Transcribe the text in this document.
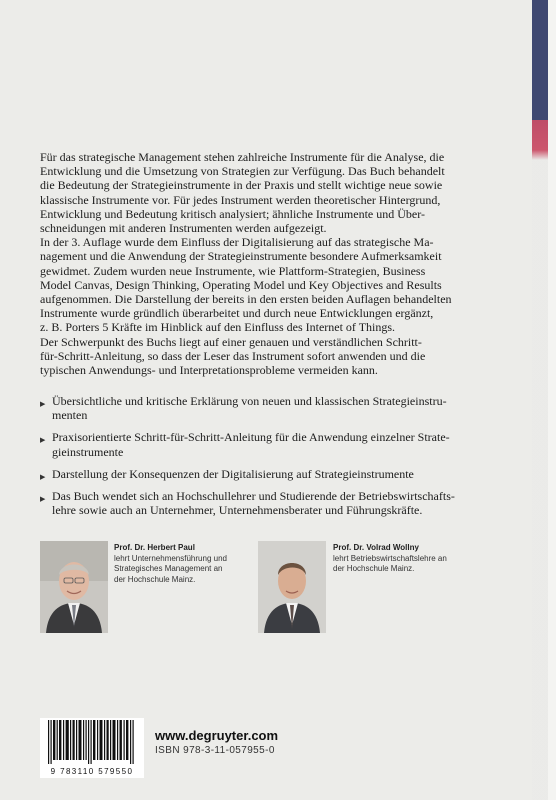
Für das strategische Management stehen zahlreiche Instrumente für die Analyse, die
Entwicklung und die Umsetzung von Strategien zur Verfügung. Das Buch behandelt
die Bedeutung der Strategieinstrumente in der Praxis und stellt wichtige neue sowie
klassische Instrumente vor. Für jedes Instrument werden theoretischer Hintergrund,
Entwicklung und Bedeutung kritisch analysiert; ähnliche Instrumente und Über-
schneidungen mit anderen Instrumenten werden aufgezeigt.

In der 3. Auflage wurde dem Einfluss der Digitalisierung auf das strategische Ma-
nagement und die Anwendung der Strategieinstrumente besondere Aufmerksamkeit
gewidmet. Zudem wurden neue Instrumente, wie Plattform-Strategien, Business
Model Canvas, Design Thinking, Operating Model und Key Objectives and Results
aufgenommen. Die Darstellung der bereits in den ersten beiden Auflagen behandelten
Instrumente wurde gründlich überarbeitet und durch neue Entwicklungen ergänzt,
z. B. Porters 5 Kräfte im Hinblick auf den Einfluss des Internet of Things.

Der Schwerpunkt des Buchs liegt auf einer genauen und verständlichen Schritt-
für-Schritt-Anleitung, so dass der Leser das Instrument sofort anwenden und die
typischen Anwendungs- und Interpretationsprobleme vermeiden kann.

▶ Übersichtliche und kritische Erklärung von neuen und klassischen Strategieinstru-
menten
▶ Praxisorientierte Schritt-für-Schritt-Anleitung für die Anwendung einzelner Strate-
gieinstrumente
▶ Darstellung der Konsequenzen der Digitalisierung auf Strategieinstrumente
▶ Das Buch wendet sich an Hochschullehrer und Studierende der Betriebswirtschafts-
lehre sowie auch an Unternehmer, Unternehmensberater und Führungskräfte.
Prof. Dr. Herbert Paul
lehrt Unternehmensführung und
Strategisches Management an
der Hochschule Mainz.
Prof. Dr. Volrad Wollny
lehrt Betriebswirtschaftslehre an
der Hochschule Mainz.
9 783110 579550
www.degruyter.com
ISBN 978-3-11-057955-0
